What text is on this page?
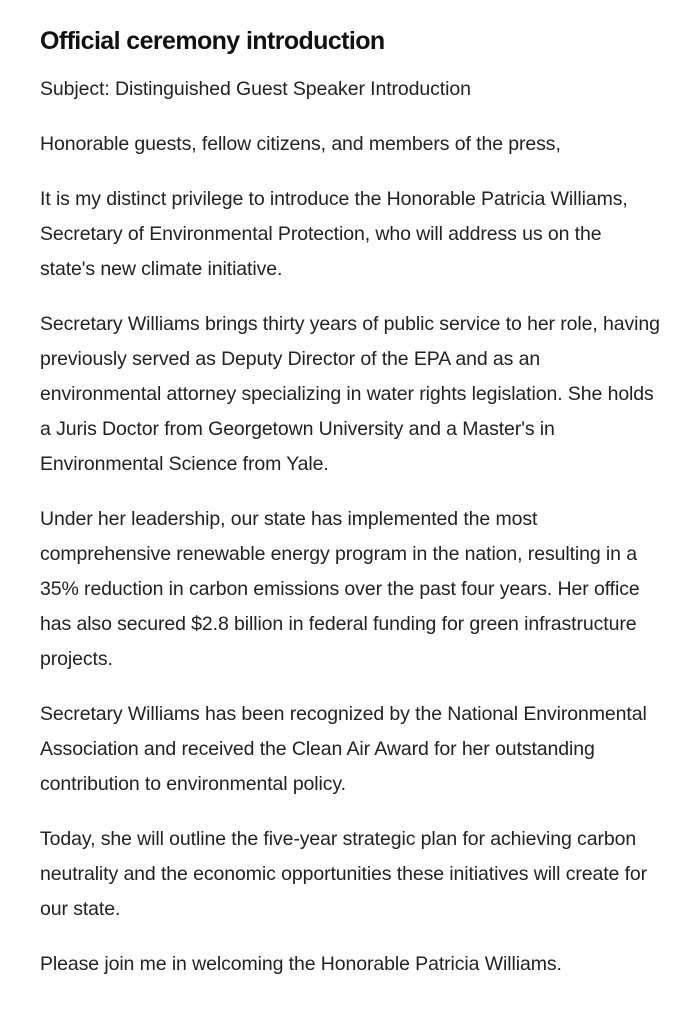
Official ceremony introduction

Subject: Distinguished Guest Speaker Introduction

Honorable guests, fellow citizens, and members of the press,

It is my distinct privilege to introduce the Honorable Patricia Williams, Secretary of Environmental Protection, who will address us on the state's new climate initiative.

Secretary Williams brings thirty years of public service to her role, having previously served as Deputy Director of the EPA and as an environmental attorney specializing in water rights legislation. She holds a Juris Doctor from Georgetown University and a Master's in Environmental Science from Yale.

Under her leadership, our state has implemented the most comprehensive renewable energy program in the nation, resulting in a 35% reduction in carbon emissions over the past four years. Her office has also secured $2.8 billion in federal funding for green infrastructure projects.

Secretary Williams has been recognized by the National Environmental Association and received the Clean Air Award for her outstanding contribution to environmental policy.

Today, she will outline the five-year strategic plan for achieving carbon neutrality and the economic opportunities these initiatives will create for our state.

Please join me in welcoming the Honorable Patricia Williams.
